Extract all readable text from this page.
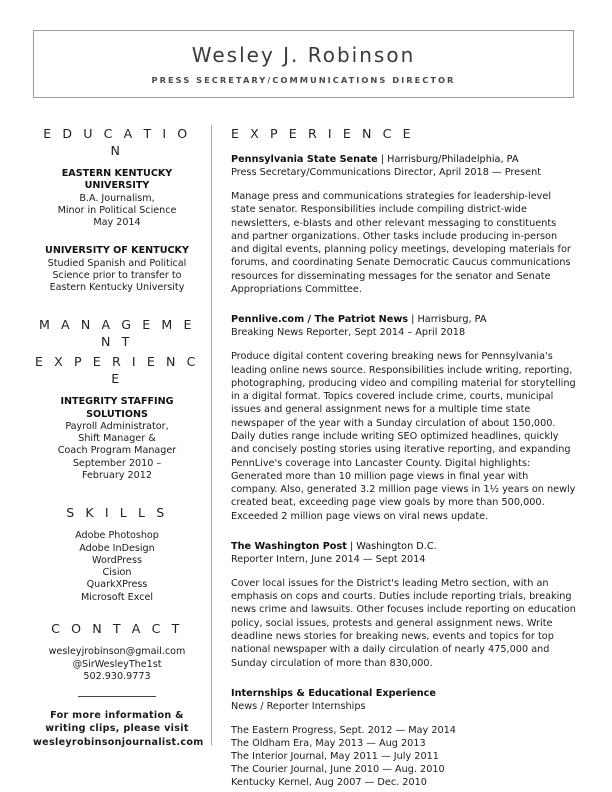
Wesley J. Robinson
PRESS SECRETARY/COMMUNICATIONS DIRECTOR
E D U C A T I O N
EASTERN KENTUCKY
UNIVERSITY
B.A. Journalism,
Minor in Political Science
May 2014
UNIVERSITY OF KENTUCKY
Studied Spanish and Political
Science prior to transfer to
Eastern Kentucky University
M A N A G E M E N T
E X P E R I E N C E
INTEGRITY STAFFING
SOLUTIONS
Payroll Administrator,
Shift Manager &
Coach Program Manager
September 2010 –
February 2012
S K I L L S
Adobe Photoshop
Adobe InDesign
WordPress
Cision
QuarkXPress
Microsoft Excel
C O N T A C T
wesleyjrobinson@gmail.com
@SirWesleyThe1st
502.930.9773
For more information &
writing clips, please visit
wesleyrobinsonjournalist.com
E X P E R I E N C E
Pennsylvania State Senate | Harrisburg/Philadelphia, PA
Press Secretary/Communications Director, April 2018 — Present
Manage press and communications strategies for leadership-level state senator. Responsibilities include compiling district-wide newsletters, e-blasts and other relevant messaging to constituents and partner organizations. Other tasks include producing in-person and digital events, planning policy meetings, developing materials for forums, and coordinating Senate Democratic Caucus communications resources for disseminating messages for the senator and Senate Appropriations Committee.
Pennlive.com / The Patriot News | Harrisburg, PA
Breaking News Reporter, Sept 2014 – April 2018
Produce digital content covering breaking news for Pennsylvania's leading online news source. Responsibilities include writing, reporting, photographing, producing video and compiling material for storytelling in a digital format. Topics covered include crime, courts, municipal issues and general assignment news for a multiple time state newspaper of the year with a Sunday circulation of about 150,000. Daily duties range include writing SEO optimized headlines, quickly and concisely posting stories using iterative reporting, and expanding PennLive's coverage into Lancaster County. Digital highlights: Generated more than 10 million page views in final year with company. Also, generated 3.2 million page views in 1½ years on newly created beat, exceeding page view goals by more than 500,000. Exceeded 2 million page views on viral news update.
The Washington Post | Washington D.C.
Reporter Intern, June 2014 — Sept 2014
Cover local issues for the District's leading Metro section, with an emphasis on cops and courts. Duties include reporting trials, breaking news crime and lawsuits. Other focuses include reporting on education policy, social issues, protests and general assignment news. Write deadline news stories for breaking news, events and topics for top national newspaper with a daily circulation of nearly 475,000 and Sunday circulation of more than 830,000.
Internships & Educational Experience
News / Reporter Internships
The Eastern Progress, Sept. 2012 — May 2014
The Oldham Era, May 2013 — Aug 2013
The Interior Journal, May 2011 — July 2011
The Courier Journal, June 2010 — Aug. 2010
Kentucky Kernel, Aug 2007 — Dec. 2010
